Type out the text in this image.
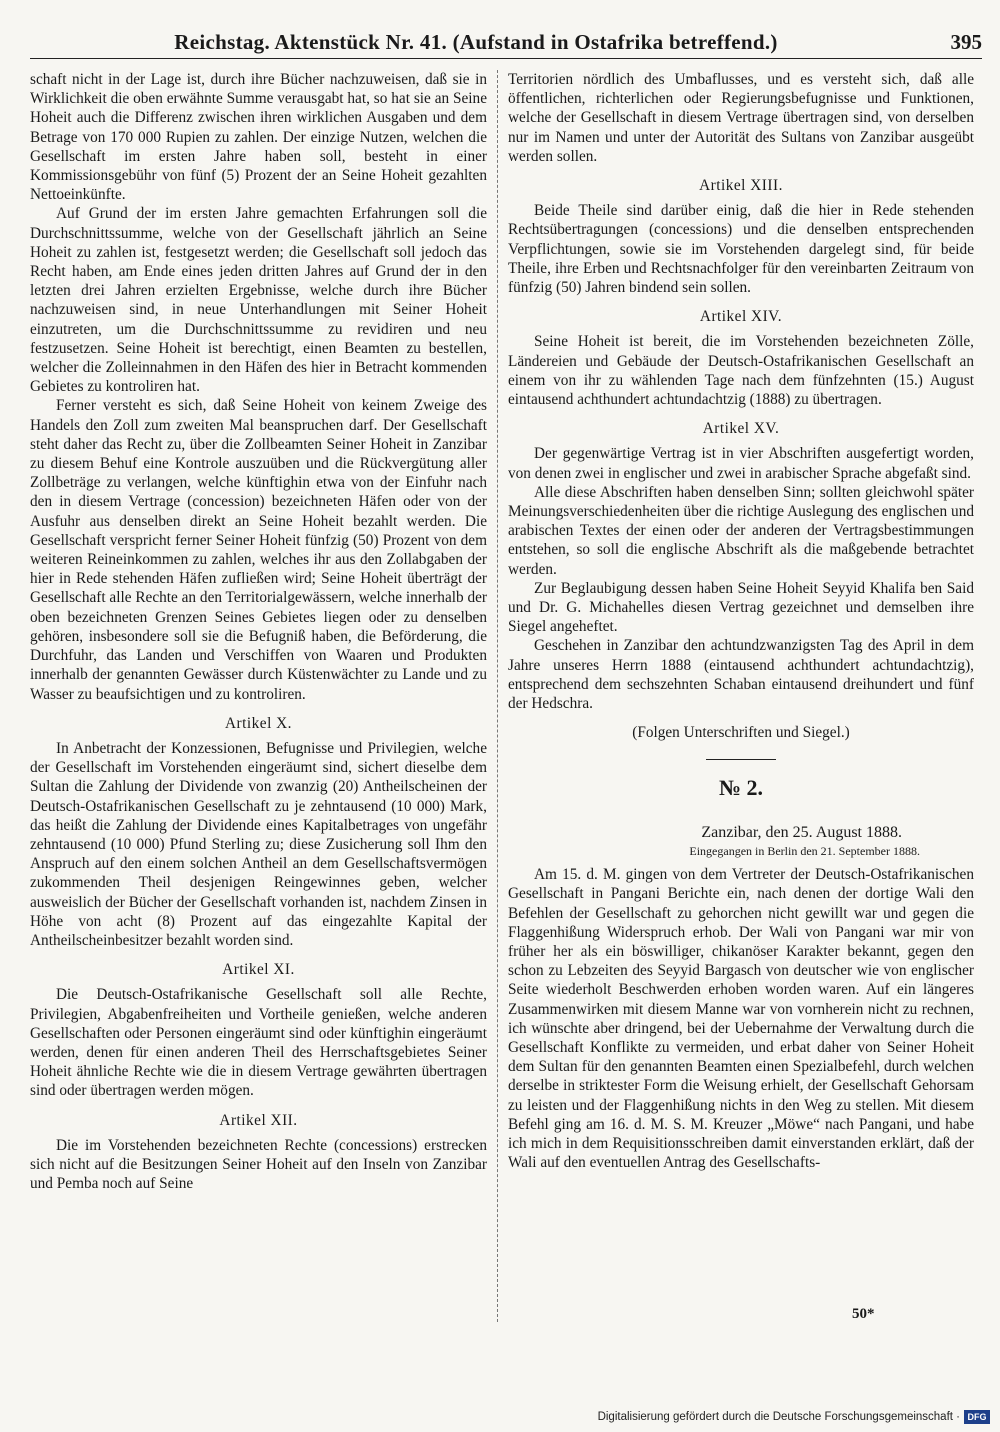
Reichstag. Aktenstück Nr. 41. (Aufstand in Ostafrika betreffend.)	395

schaft nicht in der Lage ist, durch ihre Bücher nachzuweisen, daß sie in Wirklichkeit die oben erwähnte Summe verausgabt hat, so hat sie an Seine Hoheit auch die Differenz zwischen ihren wirklichen Ausgaben und dem Betrage von 170 000 Rupien zu zahlen. Der einzige Nutzen, welchen die Gesellschaft im ersten Jahre haben soll, besteht in einer Kommissionsgebühr von fünf (5) Prozent der an Seine Hoheit gezahlten Nettoeinkünfte.

Auf Grund der im ersten Jahre gemachten Erfahrungen soll die Durchschnittssumme, welche von der Gesellschaft jährlich an Seine Hoheit zu zahlen ist, festgesetzt werden; die Gesellschaft soll jedoch das Recht haben, am Ende eines jeden dritten Jahres auf Grund der in den letzten drei Jahren erzielten Ergebnisse, welche durch ihre Bücher nachzuweisen sind, in neue Unterhandlungen mit Seiner Hoheit einzutreten, um die Durchschnittssumme zu revidiren und neu festzusetzen. Seine Hoheit ist berechtigt, einen Beamten zu bestellen, welcher die Zolleinnahmen in den Häfen des hier in Betracht kommenden Gebietes zu kontroliren hat.

Ferner versteht es sich, daß Seine Hoheit von keinem Zweige des Handels den Zoll zum zweiten Mal beanspruchen darf. Der Gesellschaft steht daher das Recht zu, über die Zollbeamten Seiner Hoheit in Zanzibar zu diesem Behuf eine Kontrole auszuüben und die Rückvergütung aller Zollbeträge zu verlangen, welche künftighin etwa von der Einfuhr nach den in diesem Vertrage (concession) bezeichneten Häfen oder von der Ausfuhr aus denselben direkt an Seine Hoheit bezahlt werden. Die Gesellschaft verspricht ferner Seiner Hoheit fünfzig (50) Prozent von dem weiteren Reineinkommen zu zahlen, welches ihr aus den Zollabgaben der hier in Rede stehenden Häfen zufließen wird; Seine Hoheit überträgt der Gesellschaft alle Rechte an den Territorialgewässern, welche innerhalb der oben bezeichneten Grenzen Seines Gebietes liegen oder zu denselben gehören, insbesondere soll sie die Befugniß haben, die Beförderung, die Durchfuhr, das Landen und Verschiffen von Waaren und Produkten innerhalb der genannten Gewässer durch Küstenwächter zu Lande und zu Wasser zu beaufsichtigen und zu kontroliren.

Artikel X.

In Anbetracht der Konzessionen, Befugnisse und Privilegien, welche der Gesellschaft im Vorstehenden eingeräumt sind, sichert dieselbe dem Sultan die Zahlung der Dividende von zwanzig (20) Antheilscheinen der Deutsch-Ostafrikanischen Gesellschaft zu je zehntausend (10 000) Mark, das heißt die Zahlung der Dividende eines Kapitalbetrages von ungefähr zehntausend (10 000) Pfund Sterling zu; diese Zusicherung soll Ihm den Anspruch auf den einem solchen Antheil an dem Gesellschaftsvermögen zukommenden Theil desjenigen Reingewinnes geben, welcher ausweislich der Bücher der Gesellschaft vorhanden ist, nachdem Zinsen in Höhe von acht (8) Prozent auf das eingezahlte Kapital der Antheilscheinbesitzer bezahlt worden sind.

Artikel XI.

Die Deutsch-Ostafrikanische Gesellschaft soll alle Rechte, Privilegien, Abgabenfreiheiten und Vortheile genießen, welche anderen Gesellschaften oder Personen eingeräumt sind oder künftighin eingeräumt werden, denen für einen anderen Theil des Herrschaftsgebietes Seiner Hoheit ähnliche Rechte wie die in diesem Vertrage gewährten übertragen sind oder übertragen werden mögen.

Artikel XII.

Die im Vorstehenden bezeichneten Rechte (concessions) erstrecken sich nicht auf die Besitzungen Seiner Hoheit auf den Inseln von Zanzibar und Pemba noch auf Seine

Territorien nördlich des Umbaflusses, und es versteht sich, daß alle öffentlichen, richterlichen oder Regierungsbefugnisse und Funktionen, welche der Gesellschaft in diesem Vertrage übertragen sind, von derselben nur im Namen und unter der Autorität des Sultans von Zanzibar ausgeübt werden sollen.

Artikel XIII.

Beide Theile sind darüber einig, daß die hier in Rede stehenden Rechtsübertragungen (concessions) und die denselben entsprechenden Verpflichtungen, sowie sie im Vorstehenden dargelegt sind, für beide Theile, ihre Erben und Rechtsnachfolger für den vereinbarten Zeitraum von fünfzig (50) Jahren bindend sein sollen.

Artikel XIV.

Seine Hoheit ist bereit, die im Vorstehenden bezeichneten Zölle, Ländereien und Gebäude der Deutsch-Ostafrikanischen Gesellschaft an einem von ihr zu wählenden Tage nach dem fünfzehnten (15.) August eintausend achthundert achtundachtzig (1888) zu übertragen.

Artikel XV.

Der gegenwärtige Vertrag ist in vier Abschriften ausgefertigt worden, von denen zwei in englischer und zwei in arabischer Sprache abgefaßt sind.

Alle diese Abschriften haben denselben Sinn; sollten gleichwohl später Meinungsverschiedenheiten über die richtige Auslegung des englischen und arabischen Textes der einen oder der anderen der Vertragsbestimmungen entstehen, so soll die englische Abschrift als die maßgebende betrachtet werden.

Zur Beglaubigung dessen haben Seine Hoheit Seyyid Khalifa ben Said und Dr. G. Michahelles diesen Vertrag gezeichnet und demselben ihre Siegel angeheftet.

Geschehen in Zanzibar den achtundzwanzigsten Tag des April in dem Jahre unseres Herrn 1888 (eintausend achthundert achtundachtzig), entsprechend dem sechszehnten Schaban eintausend dreihundert und fünf der Hedschra.

(Folgen Unterschriften und Siegel.)
№ 2.
Zanzibar, den 25. August 1888.
Eingegangen in Berlin den 21. September 1888.

Am 15. d. M. gingen von dem Vertreter der Deutsch-Ostafrikanischen Gesellschaft in Pangani Berichte ein, nach denen der dortige Wali den Befehlen der Gesellschaft zu gehorchen nicht gewillt war und gegen die Flaggenhißung Widerspruch erhob. Der Wali von Pangani war mir von früher her als ein böswilliger, chikanöser Karakter bekannt, gegen den schon zu Lebzeiten des Seyyid Bargasch von deutscher wie von englischer Seite wiederholt Beschwerden erhoben worden waren. Auf ein längeres Zusammenwirken mit diesem Manne war von vornherein nicht zu rechnen, ich wünschte aber dringend, bei der Uebernahme der Verwaltung durch die Gesellschaft Konflikte zu vermeiden, und erbat daher von Seiner Hoheit dem Sultan für den genannten Beamten einen Spezialbefehl, durch welchen derselbe in striktester Form die Weisung erhielt, der Gesellschaft Gehorsam zu leisten und der Flaggenhißung nichts in den Weg zu stellen. Mit diesem Befehl ging am 16. d. M. S. M. Kreuzer „Möwe“ nach Pangani, und habe ich mich in dem Requisitionsschreiben damit einverstanden erklärt, daß der Wali auf den eventuellen Antrag des Gesellschafts-

50*
Digitalisierung gefördert durch die Deutsche Forschungsgemeinschaft · DFG
